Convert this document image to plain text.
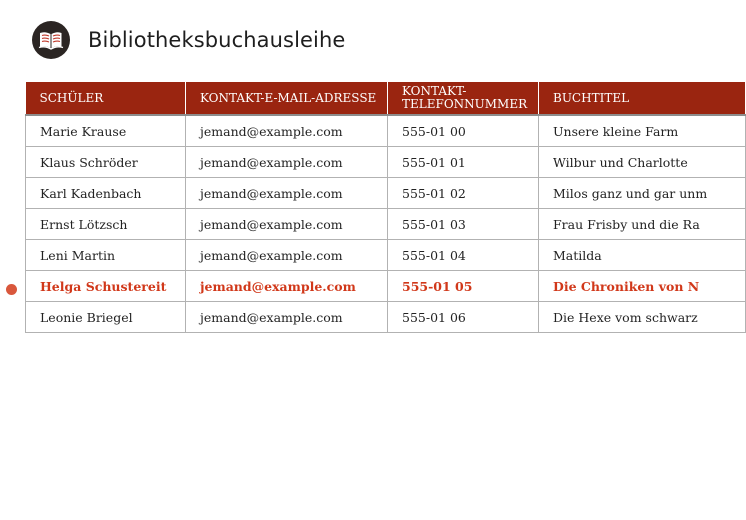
Bibliotheksbuchausleihe
SCHÜLER	KONTAKT-E-MAIL-ADRESSE	KONTAKT-TELEFONNUMMER	BUCHTITEL
Marie Krause	jemand@example.com	555-01 00	Unsere kleine Farm
Klaus Schröder	jemand@example.com	555-01 01	Wilbur und Charlotte
Karl Kadenbach	jemand@example.com	555-01 02	Milos ganz und gar unm
Ernst Lötzsch	jemand@example.com	555-01 03	Frau Frisby und die Ra
Leni Martin	jemand@example.com	555-01 04	Matilda
Helga Schustereit	jemand@example.com	555-01 05	Die Chroniken von N
Leonie Briegel	jemand@example.com	555-01 06	Die Hexe vom schwarz
